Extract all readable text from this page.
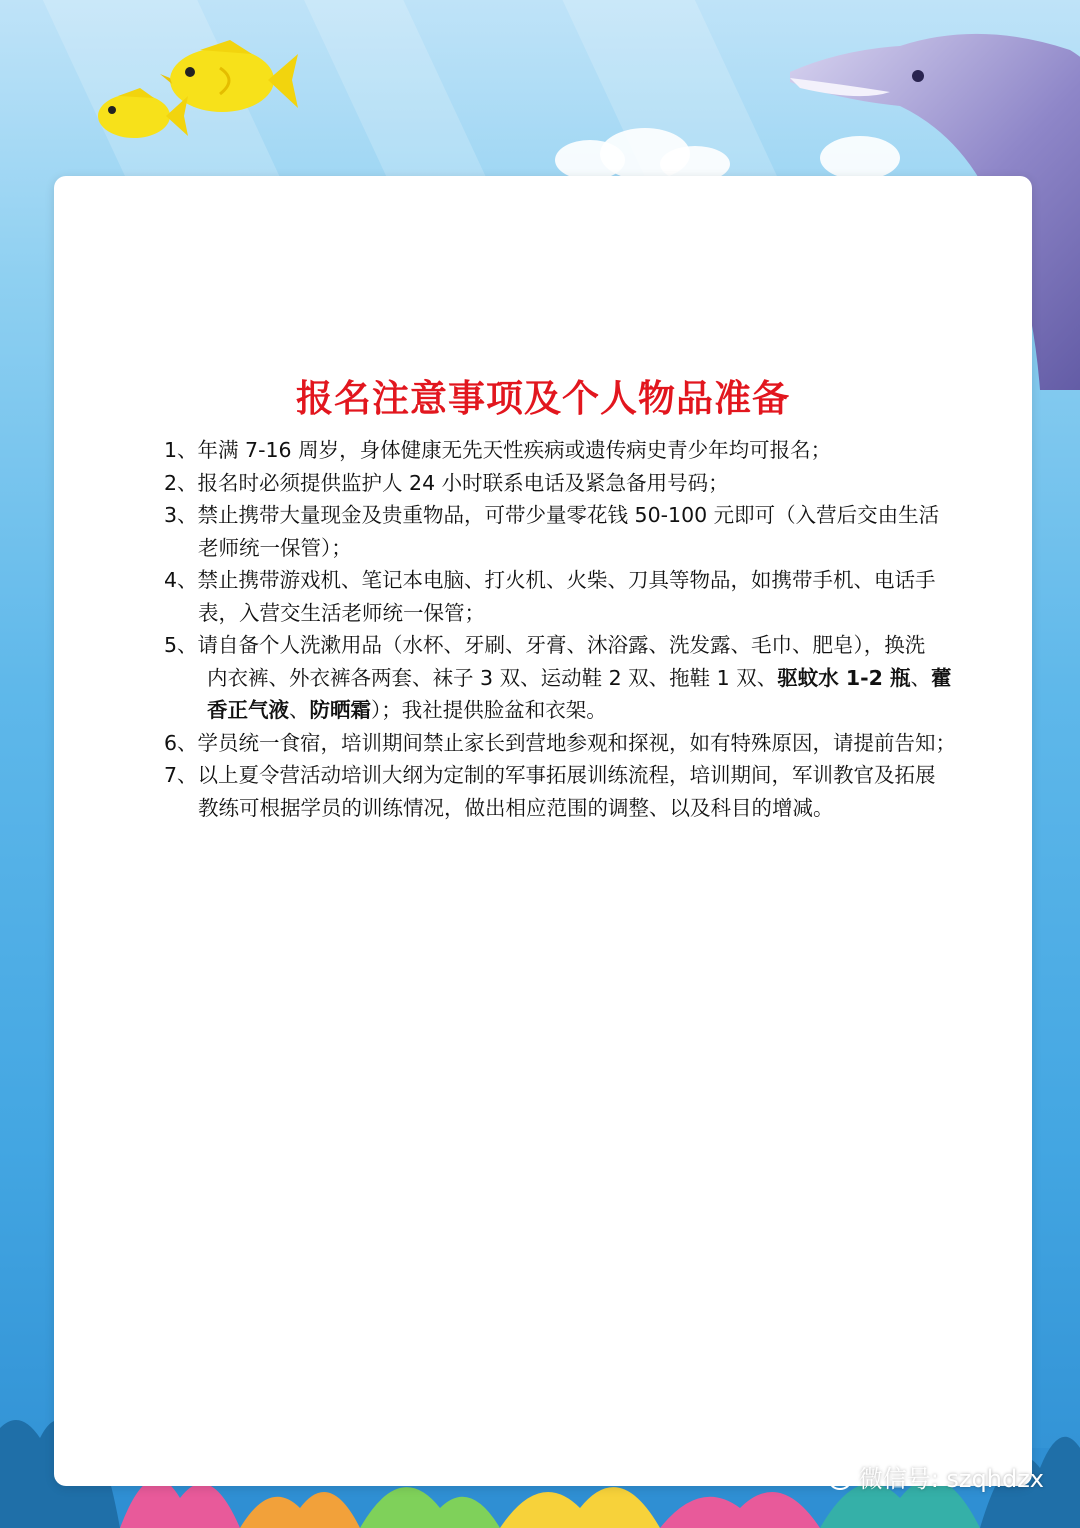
报名注意事项及个人物品准备
1、年满 7-16 周岁，身体健康无先天性疾病或遗传病史青少年均可报名；
2、报名时必须提供监护人 24 小时联系电话及紧急备用号码；
3、禁止携带大量现金及贵重物品，可带少量零花钱 50-100 元即可（入营后交由生活
老师统一保管）；
4、禁止携带游戏机、笔记本电脑、打火机、火柴、刀具等物品，如携带手机、电话手
表，入营交生活老师统一保管；
5、请自备个人洗漱用品（水杯、牙刷、牙膏、沐浴露、洗发露、毛巾、肥皂），换洗
内衣裤、外衣裤各两套、袜子 3 双、运动鞋 2 双、拖鞋 1 双、驱蚊水 1-2 瓶、藿
香正气液、防晒霜）；我社提供脸盆和衣架。
6、学员统一食宿，培训期间禁止家长到营地参观和探视，如有特殊原因，请提前告知；
7、以上夏令营活动培训大纲为定制的军事拓展训练流程，培训期间，军训教官及拓展
教练可根据学员的训练情况，做出相应范围的调整、以及科目的增减。
微信号: szqhdzx
